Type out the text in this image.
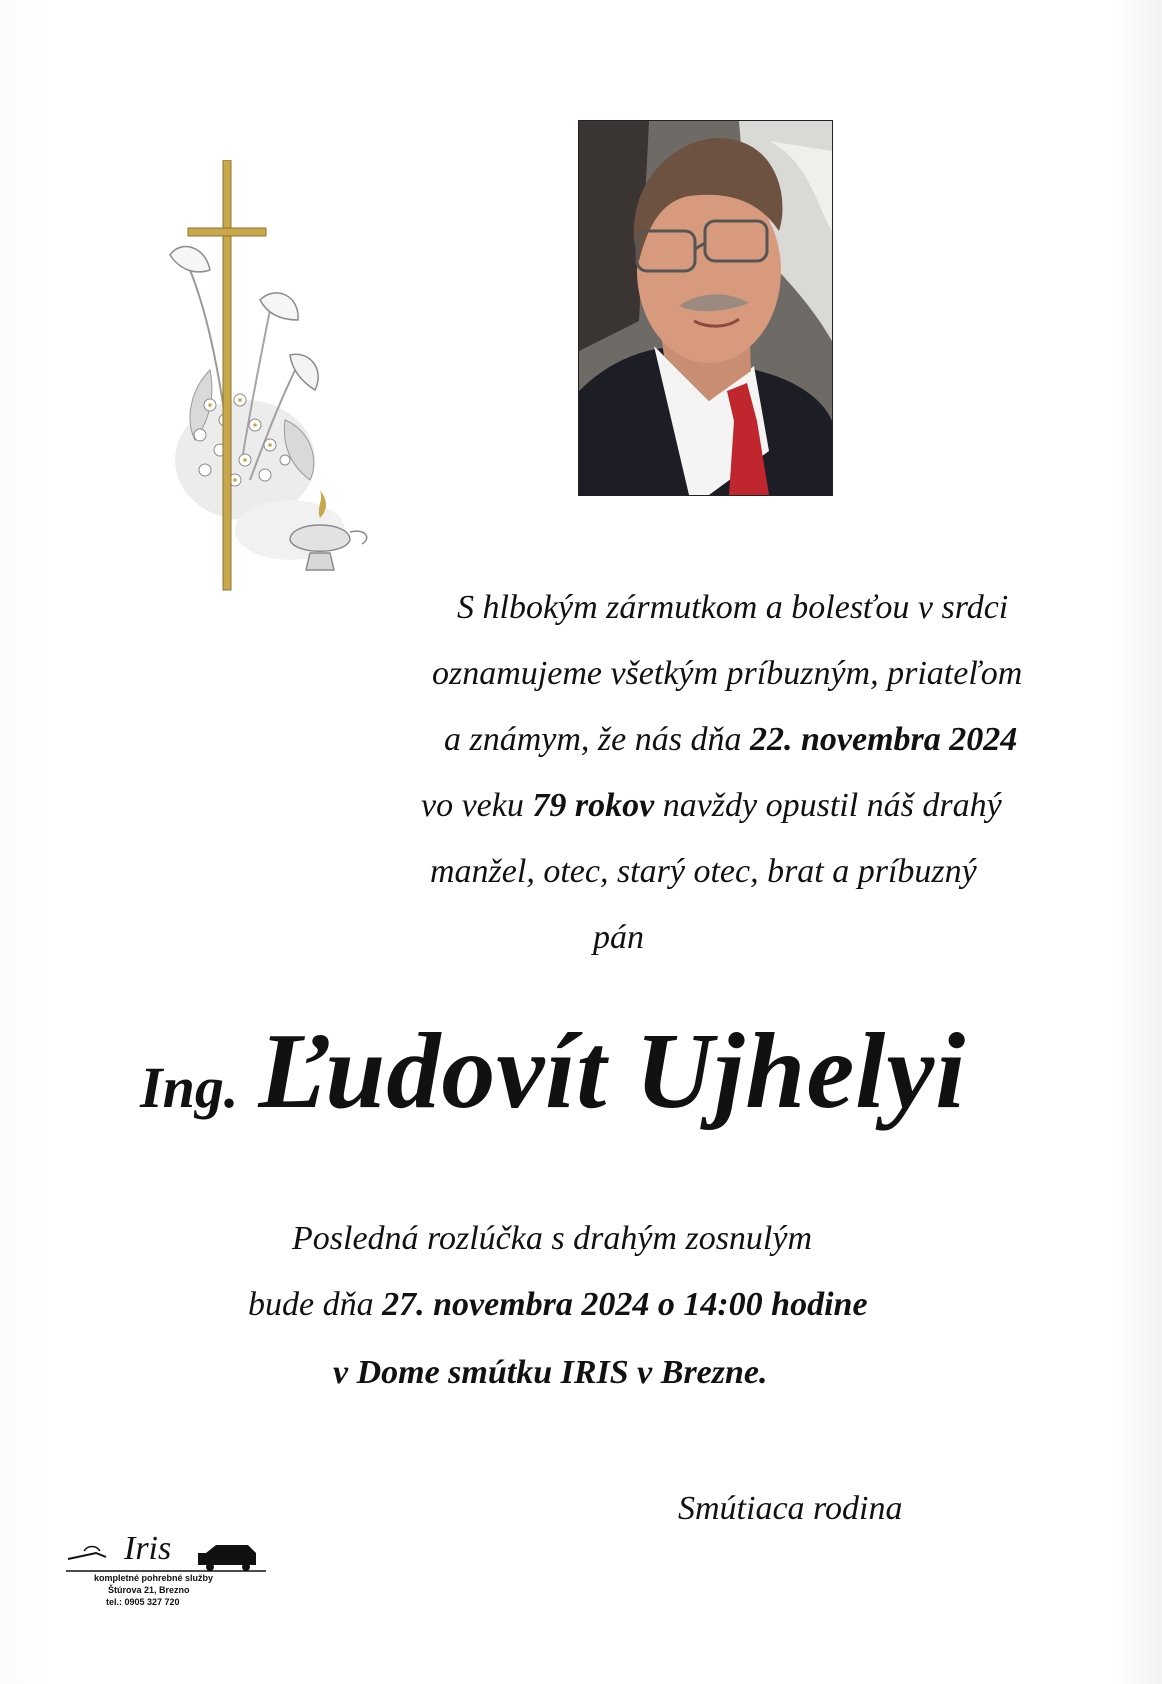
S hlbokým zármutkom a bolesťou v srdci
oznamujeme všetkým príbuzným, priateľom
a známym, že nás dňa 22. novembra 2024
vo veku 79 rokov navždy opustil náš drahý
manžel, otec, starý otec, brat a príbuzný
pán
Ing. Ľudovít Ujhelyi
Posledná rozlúčka s drahým zosnulým
bude dňa 27. novembra 2024 o 14:00 hodine
v Dome smútku IRIS v Brezne.
Smútiaca rodina
Iris
kompletné pohrebné služby
Štúrova 21, Brezno
tel.: 0905 327 720
